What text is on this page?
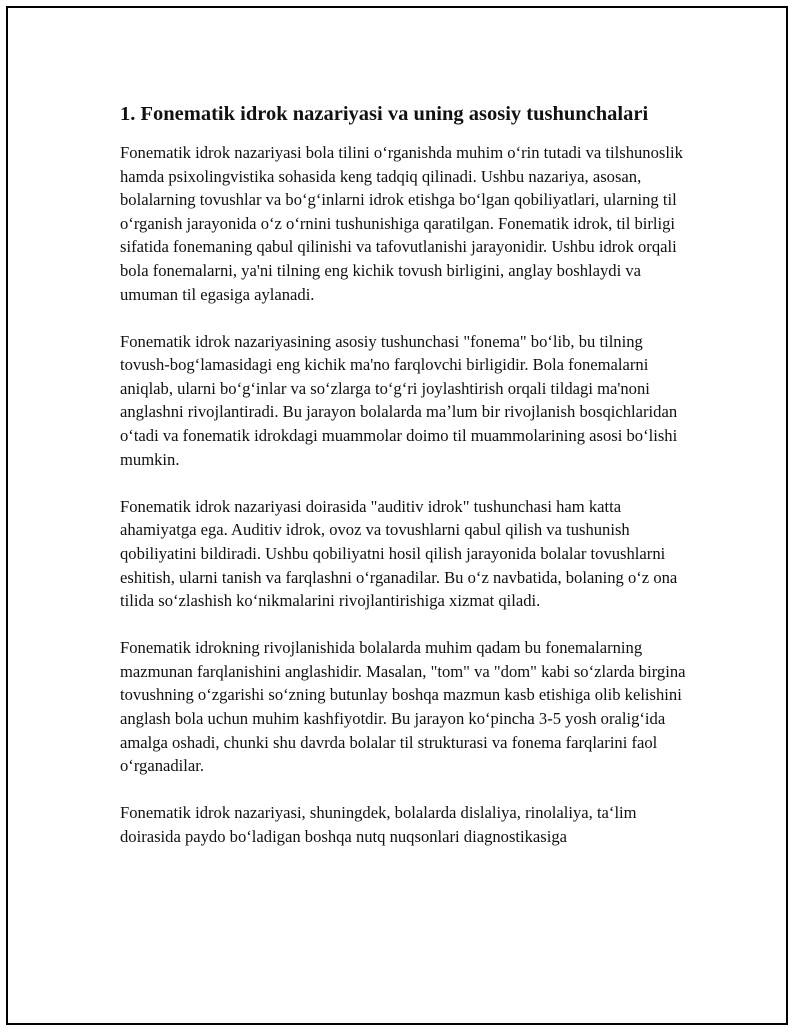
1. Fonematik idrok nazariyasi va uning asosiy tushunchalari

Fonematik idrok nazariyasi bola tilini oʻrganishda muhim oʻrin tutadi va tilshunoslik hamda psixolingvistika sohasida keng tadqiq qilinadi. Ushbu nazariya, asosan, bolalarning tovushlar va boʻgʻinlarni idrok etishga boʻlgan qobiliyatlari, ularning til oʻrganish jarayonida oʻz oʻrnini tushunishiga qaratilgan. Fonematik idrok, til birligi sifatida fonemaning qabul qilinishi va tafovutlanishi jarayonidir. Ushbu idrok orqali bola fonemalarni, ya'ni tilning eng kichik tovush birligini, anglay boshlaydi va umuman til egasiga aylanadi.

Fonematik idrok nazariyasining asosiy tushunchasi "fonema" boʻlib, bu tilning tovush-bogʻlamasidagi eng kichik ma'no farqlovchi birligidir. Bola fonemalarni aniqlab, ularni boʻgʻinlar va soʻzlarga toʻgʻri joylashtirish orqali tildagi ma'noni anglashni rivojlantiradi. Bu jarayon bolalarda maʼlum bir rivojlanish bosqichlaridan oʻtadi va fonematik idrokdagi muammolar doimo til muammolarining asosi boʻlishi mumkin.

Fonematik idrok nazariyasi doirasida "auditiv idrok" tushunchasi ham katta ahamiyatga ega. Auditiv idrok, ovoz va tovushlarni qabul qilish va tushunish qobiliyatini bildiradi. Ushbu qobiliyatni hosil qilish jarayonida bolalar tovushlarni eshitish, ularni tanish va farqlashni oʻrganadilar. Bu oʻz navbatida, bolaning oʻz ona tilida soʻzlashish koʻnikmalarini rivojlantirishiga xizmat qiladi.

Fonematik idrokning rivojlanishida bolalarda muhim qadam bu fonemalarning mazmunan farqlanishini anglashidir. Masalan, "tom" va "dom" kabi soʻzlarda birgina tovushning oʻzgarishi soʻzning butunlay boshqa mazmun kasb etishiga olib kelishini anglash bola uchun muhim kashfiyotdir. Bu jarayon koʻpincha 3-5 yosh oraligʻida amalga oshadi, chunki shu davrda bolalar til strukturasi va fonema farqlarini faol oʻrganadilar.

Fonematik idrok nazariyasi, shuningdek, bolalarda dislaliya, rinolaliya, taʻlim doirasida paydo boʻladigan boshqa nutq nuqsonlari diagnostikasiga
